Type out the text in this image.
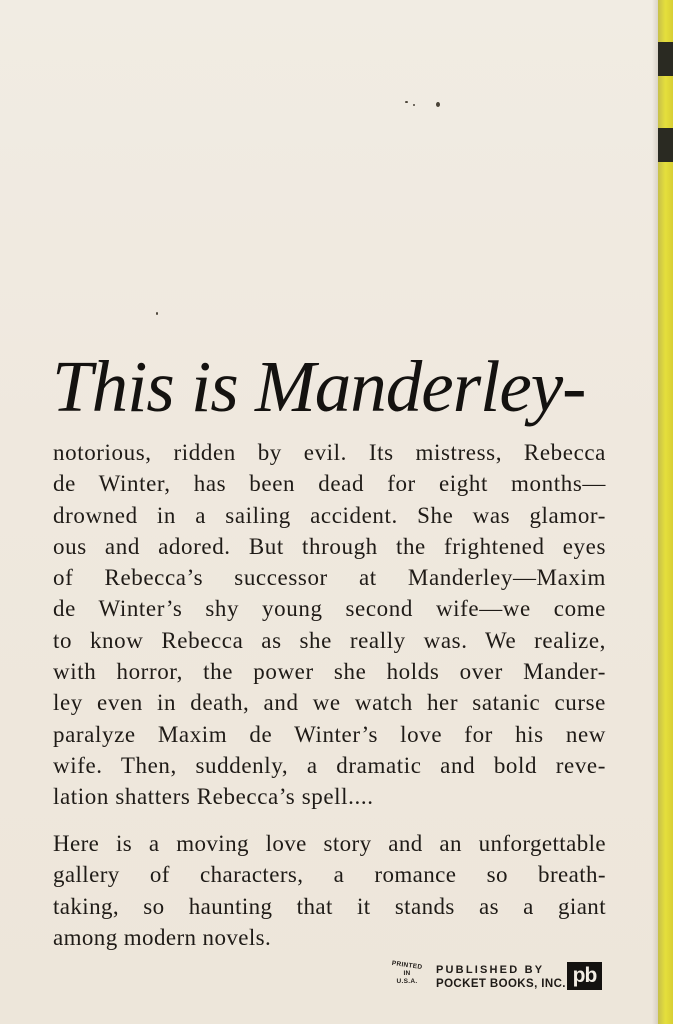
This is Manderley-
notorious, ridden by evil. Its mistress, Rebecca
de Winter, has been dead for eight months—
drowned in a sailing accident. She was glamor-
ous and adored. But through the frightened eyes
of Rebecca’s successor at Manderley—Maxim
de Winter’s shy young second wife—we come
to know Rebecca as she really was. We realize,
with horror, the power she holds over Mander-
ley even in death, and we watch her satanic curse
paralyze Maxim de Winter’s love for his new
wife. Then, suddenly, a dramatic and bold reve-
lation shatters Rebecca’s spell....
Here is a moving love story and an unforgettable
gallery of characters, a romance so breath-
taking, so haunting that it stands as a giant
among modern novels.
PRINTED
IN
U.S.A.
PUBLISHED BY
POCKET BOOKS, INC. pb
